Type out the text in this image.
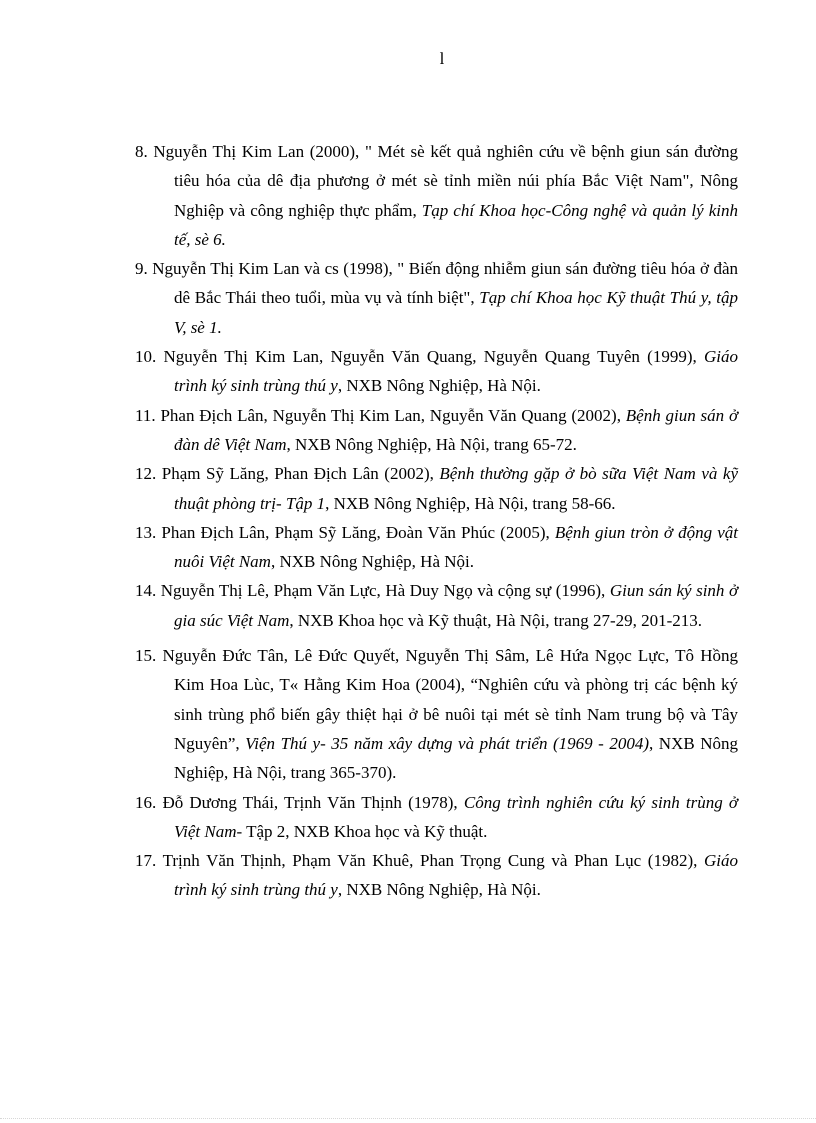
l
8. Nguyễn Thị Kim Lan (2000), " Mét sè kết quả nghiên cứu về bệnh giun sán đường tiêu hóa của dê địa phương ở mét sè tỉnh miền núi phía Bắc Việt Nam", Nông Nghiệp và công nghiệp thực phẩm, Tạp chí Khoa học-Công nghệ và quản lý kinh tế, sè 6.
9. Nguyễn Thị Kim Lan và cs (1998), " Biến động nhiễm giun sán đường tiêu hóa ở đàn dê Bắc Thái theo tuổi, mùa vụ và tính biệt", Tạp chí Khoa học Kỹ thuật Thú y, tập V, sè 1.
10. Nguyễn Thị Kim Lan, Nguyễn Văn Quang, Nguyễn Quang Tuyên (1999), Giáo trình ký sinh trùng thú y, NXB Nông Nghiệp, Hà Nội.
11. Phan Địch Lân, Nguyễn Thị Kim Lan, Nguyễn Văn Quang (2002), Bệnh giun sán ở đàn dê Việt Nam, NXB Nông Nghiệp, Hà Nội, trang 65-72.
12. Phạm Sỹ Lăng, Phan Địch Lân (2002), Bệnh thường gặp ở bò sữa Việt Nam và kỹ thuật phòng trị- Tập 1, NXB Nông Nghiệp, Hà Nội, trang 58-66.
13. Phan Địch Lân, Phạm Sỹ Lăng, Đoàn Văn Phúc (2005), Bệnh giun tròn ở động vật nuôi Việt Nam, NXB Nông Nghiệp, Hà Nội.
14. Nguyễn Thị Lê, Phạm Văn Lực, Hà Duy Ngọ và cộng sự (1996), Giun sán ký sinh ở gia súc Việt Nam, NXB Khoa học và Kỹ thuật, Hà Nội, trang 27-29, 201-213.
15. Nguyễn Đức Tân, Lê Đức Quyết, Nguyễn Thị Sâm, Lê Hứa Ngọc Lực, Tô Hồng Kim Hoa Lùc, T« Hằng Kim Hoa (2004), “Nghiên cứu và phòng trị các bệnh ký sinh trùng phổ biến gây thiệt hại ở bê nuôi tại mét sè tỉnh Nam trung bộ và Tây Nguyên”, Viện Thú y- 35 năm xây dựng và phát triển (1969 - 2004), NXB Nông Nghiệp, Hà Nội, trang 365-370).
16. Đỗ Dương Thái, Trịnh Văn Thịnh (1978), Công trình nghiên cứu ký sinh trùng ở Việt Nam- Tập 2, NXB Khoa học và Kỹ thuật.
17. Trịnh Văn Thịnh, Phạm Văn Khuê, Phan Trọng Cung và Phan Lục (1982), Giáo trình ký sinh trùng thú y, NXB Nông Nghiệp, Hà Nội.
